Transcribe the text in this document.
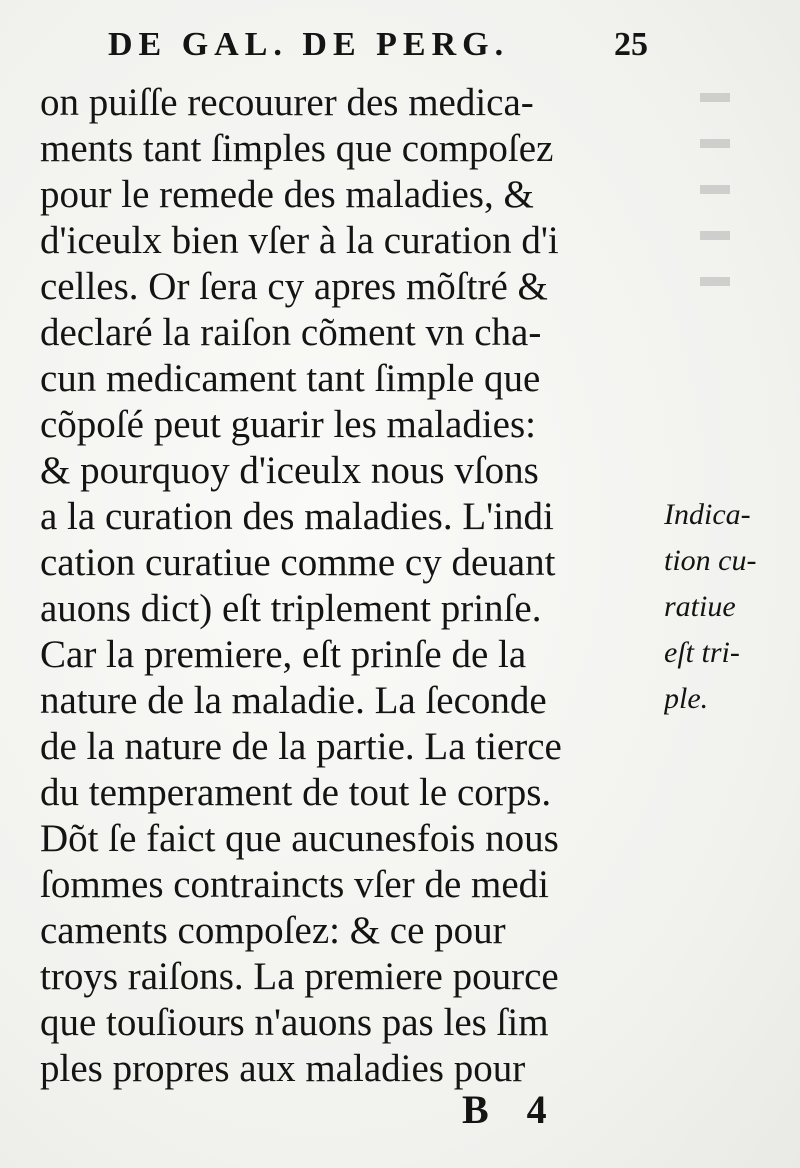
▬
▬
▬
▬
▬
DE GAL. DE PERG.	25
on puiſſe recouurer des medica-
ments tant ſimples que compoſez
pour le remede des maladies, &
d'iceulx bien vſer à la curation d'i
celles. Or ſera cy apres mõſtré &
declaré la raiſon cõment vn cha-
cun medicament tant ſimple que
cõpoſé peut guarir les maladies:
& pourquoy d'iceulx nous vſons
a la curation des maladies. L'indi
cation curatiue comme cy deuant
auons dict) eſt triplement prinſe.
Car la premiere, eſt prinſe de la
nature de la maladie. La ſeconde
de la nature de la partie. La tierce
du temperament de tout le corps.
Dõt ſe faict que aucunesfois nous
ſommes contraincts vſer de medi
caments compoſez: & ce pour
troys raiſons. La premiere pource
que touſiours n'auons pas les ſim
ples propres aux maladies pour
Indica-
tion cu-
ratiue
eſt tri-
ple.
B 4
